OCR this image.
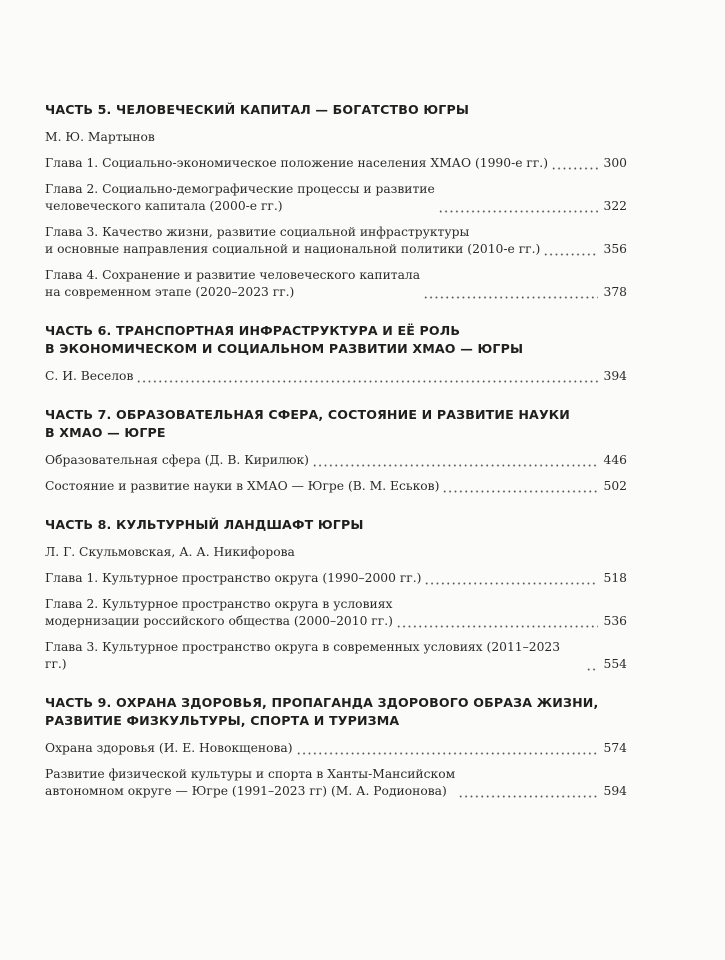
ЧАСТЬ 5. ЧЕЛОВЕЧЕСКИЙ КАПИТАЛ — БОГАТСТВО ЮГРЫ
М. Ю. Мартынов
Глава 1. Социально-экономическое положение населения ХМАО (1990-е гг.)	300
Глава 2. Социально-демографические процессы и развитие
человеческого капитала (2000-е гг.)	322
Глава 3. Качество жизни, развитие социальной инфраструктуры
и основные направления социальной и национальной политики (2010-е гг.)	356
Глава 4. Сохранение и развитие человеческого капитала
на современном этапе (2020–2023 гг.)	378
ЧАСТЬ 6. ТРАНСПОРТНАЯ ИНФРАСТРУКТУРА И ЕЁ РОЛЬ
В ЭКОНОМИЧЕСКОМ И СОЦИАЛЬНОМ РАЗВИТИИ ХМАО — ЮГРЫ
С. И. Веселов	394
ЧАСТЬ 7. ОБРАЗОВАТЕЛЬНАЯ СФЕРА, СОСТОЯНИЕ И РАЗВИТИЕ НАУКИ
В ХМАО — ЮГРЕ
Образовательная сфера (Д. В. Кирилюк)	446
Состояние и развитие науки в ХМАО — Югре (В. М. Еськов)	502
ЧАСТЬ 8. КУЛЬТУРНЫЙ ЛАНДШАФТ ЮГРЫ
Л. Г. Скульмовская, А. А. Никифорова
Глава 1. Культурное пространство округа (1990–2000 гг.)	518
Глава 2. Культурное пространство округа в условиях
модернизации российского общества (2000–2010 гг.)	536
Глава 3. Культурное пространство округа в современных условиях (2011–2023 гг.)	554
ЧАСТЬ 9. ОХРАНА ЗДОРОВЬЯ, ПРОПАГАНДА ЗДОРОВОГО ОБРАЗА ЖИЗНИ,
РАЗВИТИЕ ФИЗКУЛЬТУРЫ, СПОРТА И ТУРИЗМА
Охрана здоровья (И. Е. Новокщенова)	574
Развитие физической культуры и спорта в Ханты-Мансийском
автономном округе — Югре (1991–2023 гг) (М. А. Родионова)	594
